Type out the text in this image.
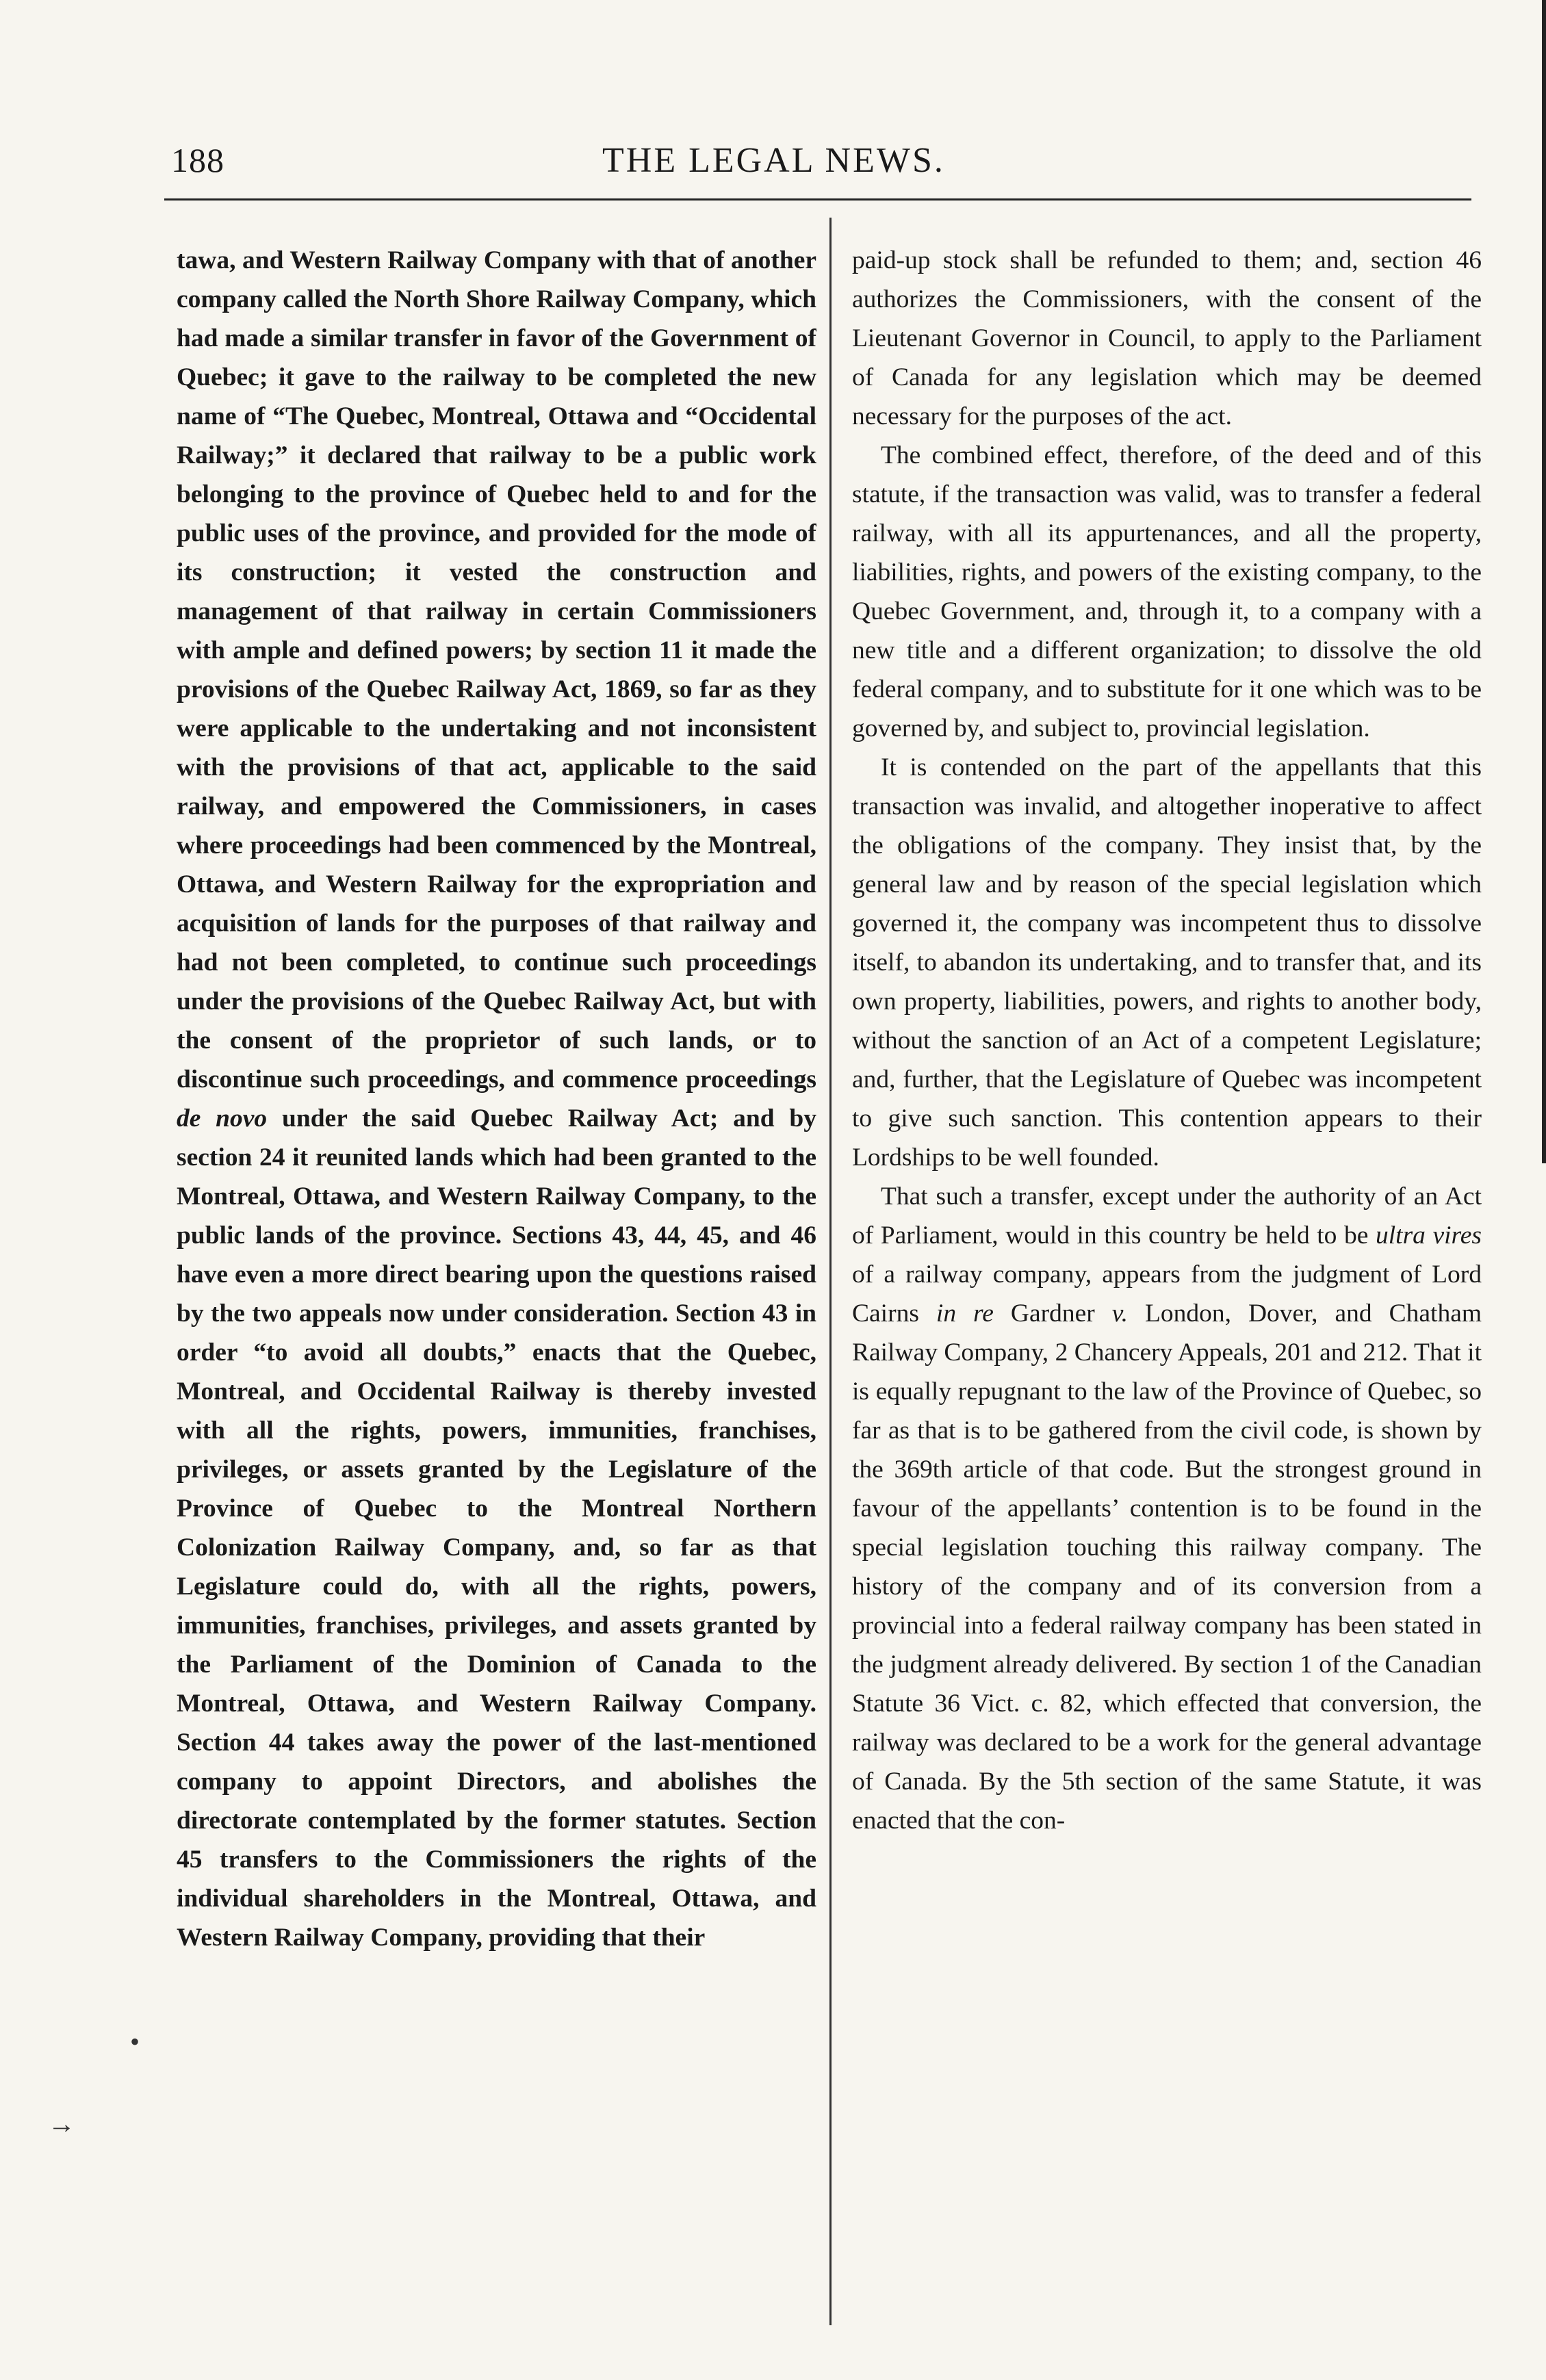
188	THE LEGAL NEWS.

tawa, and Western Railway Company with that of another company called the North Shore Railway Company, which had made a similar transfer in favor of the Government of Quebec; it gave to the railway to be completed the new name of “The Quebec, Montreal, Ottawa and “Occidental Railway;” it declared that railway to be a public work belonging to the province of Quebec held to and for the public uses of the province, and provided for the mode of its construction; it vested the construction and management of that railway in certain Commissioners with ample and defined powers; by section 11 it made the provisions of the Quebec Railway Act, 1869, so far as they were applicable to the undertaking and not inconsistent with the provisions of that act, applicable to the said railway, and empowered the Commissioners, in cases where proceedings had been commenced by the Montreal, Ottawa, and Western Railway for the expropriation and acquisition of lands for the purposes of that railway and had not been completed, to continue such proceedings under the provisions of the Quebec Railway Act, but with the consent of the proprietor of such lands, or to discontinue such proceedings, and commence proceedings de novo under the said Quebec Railway Act; and by section 24 it reunited lands which had been granted to the Montreal, Ottawa, and Western Railway Company, to the public lands of the province. Sections 43, 44, 45, and 46 have even a more direct bearing upon the questions raised by the two appeals now under consideration. Section 43 in order “to avoid all doubts,” enacts that the Quebec, Montreal, and Occidental Railway is thereby invested with all the rights, powers, immunities, franchises, privileges, or assets granted by the Legislature of the Province of Quebec to the Montreal Northern Colonization Railway Company, and, so far as that Legislature could do, with all the rights, powers, immunities, franchises, privileges, and assets granted by the Parliament of the Dominion of Canada to the Montreal, Ottawa, and Western Railway Company. Section 44 takes away the power of the last-mentioned company to appoint Directors, and abolishes the directorate contemplated by the former statutes. Section 45 transfers to the Commissioners the rights of the individual shareholders in the Montreal, Ottawa, and Western Railway Company, providing that their

paid-up stock shall be refunded to them; and, section 46 authorizes the Commissioners, with the consent of the Lieutenant Governor in Council, to apply to the Parliament of Canada for any legislation which may be deemed necessary for the purposes of the act.

The combined effect, therefore, of the deed and of this statute, if the transaction was valid, was to transfer a federal railway, with all its appurtenances, and all the property, liabilities, rights, and powers of the existing company, to the Quebec Government, and, through it, to a company with a new title and a different organization; to dissolve the old federal company, and to substitute for it one which was to be governed by, and subject to, provincial legislation.

It is contended on the part of the appellants that this transaction was invalid, and altogether inoperative to affect the obligations of the company. They insist that, by the general law and by reason of the special legislation which governed it, the company was incompetent thus to dissolve itself, to abandon its undertaking, and to transfer that, and its own property, liabilities, powers, and rights to another body, without the sanction of an Act of a competent Legislature; and, further, that the Legislature of Quebec was incompetent to give such sanction. This contention appears to their Lordships to be well founded.

That such a transfer, except under the authority of an Act of Parliament, would in this country be held to be ultra vires of a railway company, appears from the judgment of Lord Cairns in re Gardner v. London, Dover, and Chatham Railway Company, 2 Chancery Appeals, 201 and 212. That it is equally repugnant to the law of the Province of Quebec, so far as that is to be gathered from the civil code, is shown by the 369th article of that code. But the strongest ground in favour of the appellants’ contention is to be found in the special legislation touching this railway company. The history of the company and of its conversion from a provincial into a federal railway company has been stated in the judgment already delivered. By section 1 of the Canadian Statute 36 Vict. c. 82, which effected that conversion, the railway was declared to be a work for the general advantage of Canada. By the 5th section of the same Statute, it was enacted that the con-

•
→
